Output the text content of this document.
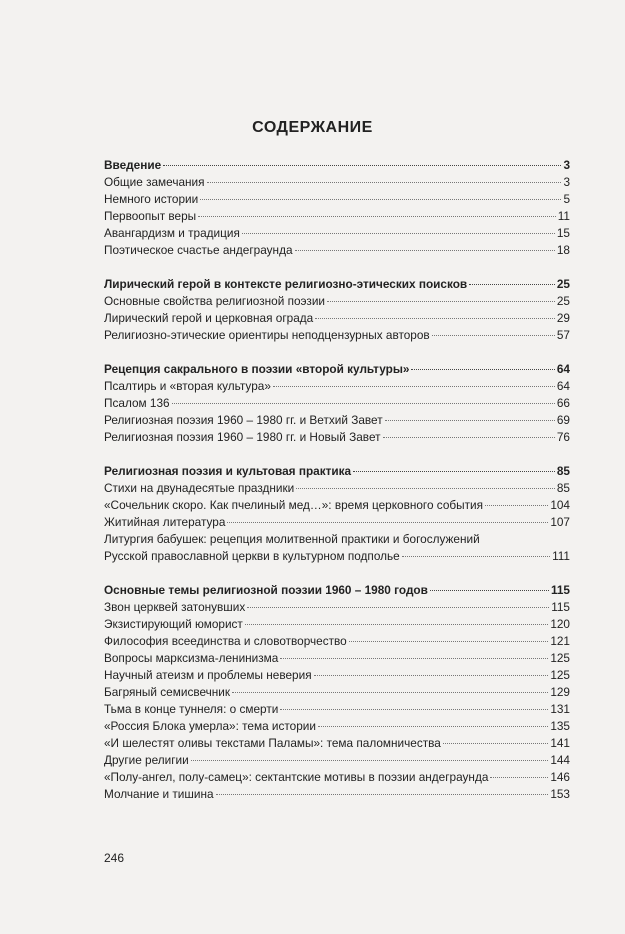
СОДЕРЖАНИЕ
Введение	3
Общие замечания	3
Немного истории	5
Первоопыт веры	11
Авангардизм и традиция	15
Поэтическое счастье андеграунда	18
Лирический герой в контексте религиозно-этических поисков	25
Основные свойства религиозной поэзии	25
Лирический герой и церковная ограда	29
Религиозно-этические ориентиры неподцензурных авторов	57
Рецепция сакрального в поэзии «второй культуры»	64
Псалтирь и «вторая культура»	64
Псалом 136	66
Религиозная поэзия 1960 – 1980 гг. и Ветхий Завет	69
Религиозная поэзия 1960 – 1980 гг. и Новый Завет	76
Религиозная поэзия и культовая практика	85
Стихи на двунадесятые праздники	85
«Сочельник скоро. Как пчелиный мед…»: время церковного события	104
Житийная литература	107
Литургия бабушек: рецепция молитвенной практики и богослужений
Русской православной церкви в культурном подполье	111
Основные темы религиозной поэзии 1960 – 1980 годов	115
Звон церквей затонувших	115
Экзистирующий юморист	120
Философия всеединства и словотворчество	121
Вопросы марксизма-ленинизма	125
Научный атеизм и проблемы неверия	125
Багряный семисвечник	129
Тьма в конце туннеля: о смерти	131
«Россия Блока умерла»: тема истории	135
«И шелестят оливы текстами Паламы»: тема паломничества	141
Другие религии	144
«Полу-ангел, полу-самец»: сектантские мотивы в поэзии андеграунда	146
Молчание и тишина	153
246
